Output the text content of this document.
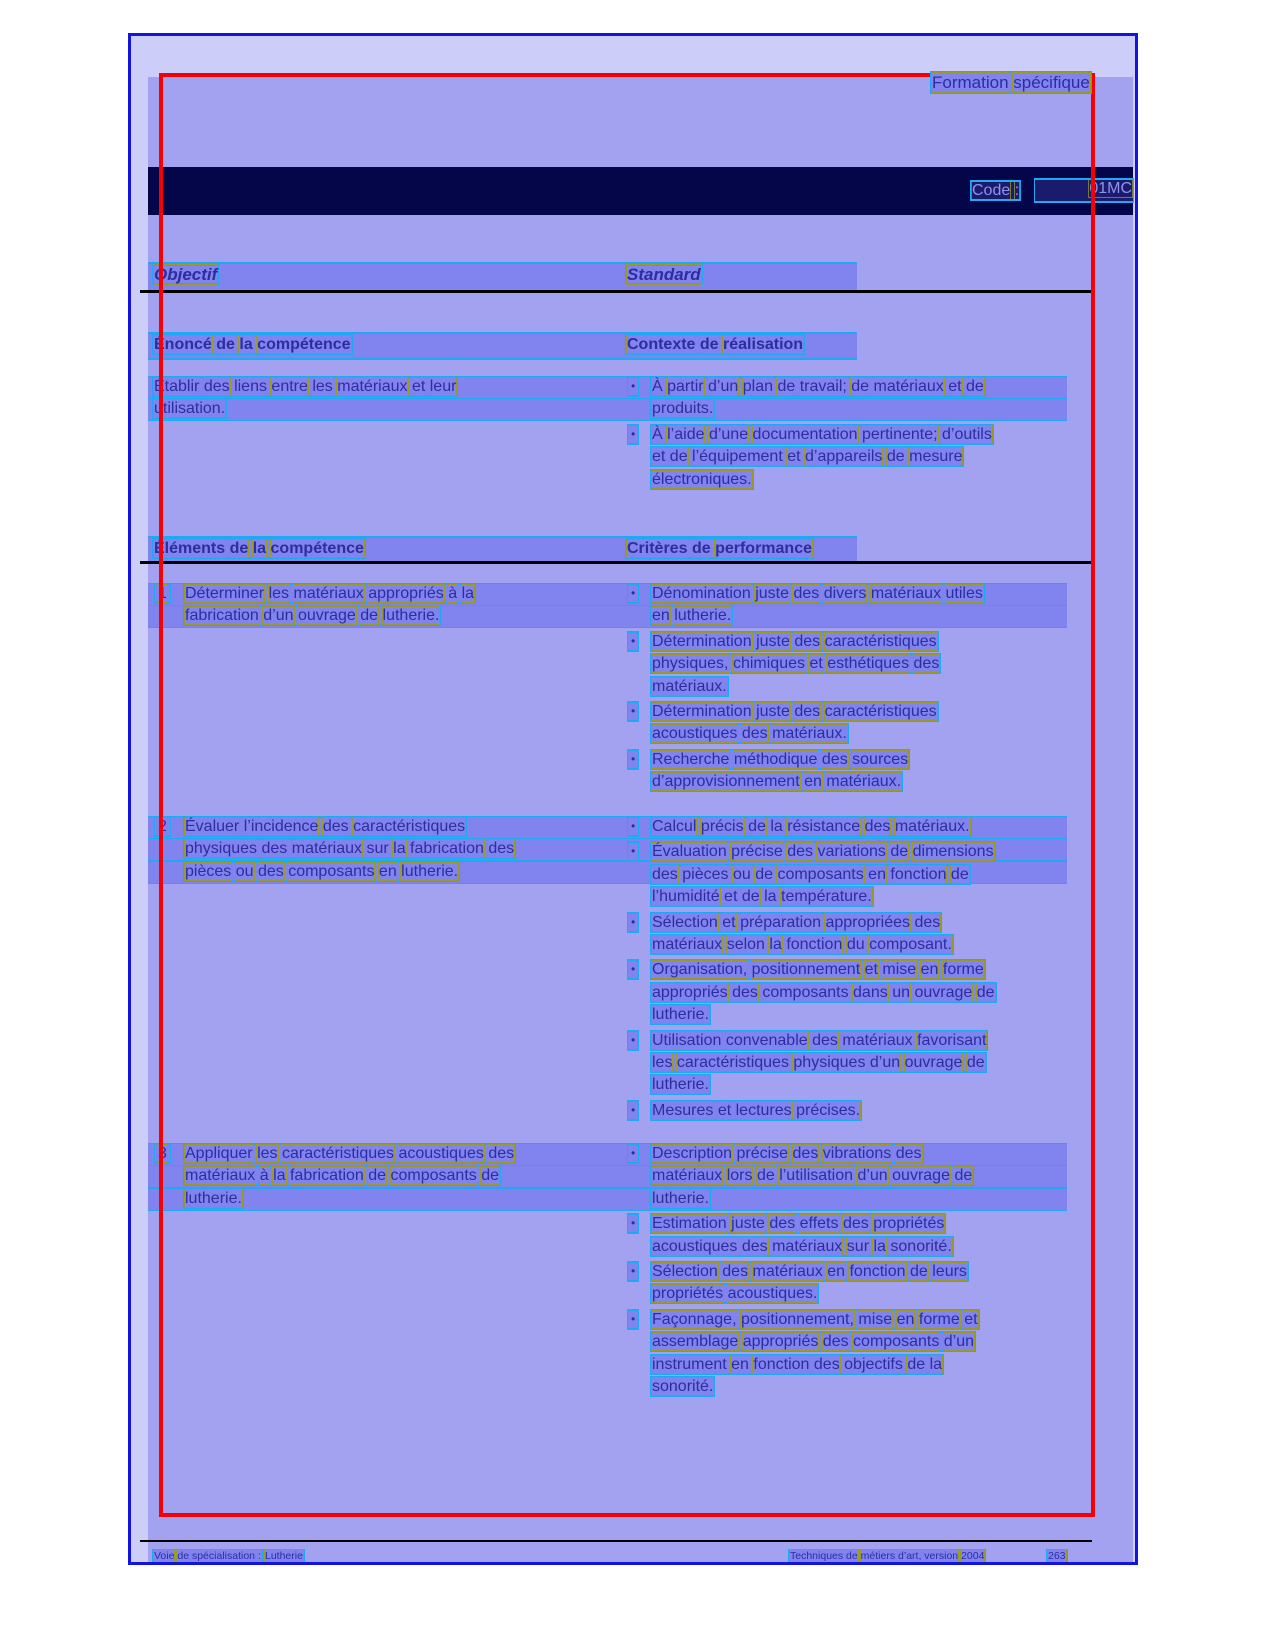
Formation spécifique
Code :	01MC
Objectif	Standard
Énoncé de la compétence	Contexte de réalisation
Établir des liens entre les matériaux et leur
utilisation.
•	À partir d’un plan de travail; de matériaux et de
produits.
•	À l’aide d’une documentation pertinente; d’outils
et de l’équipement et d’appareils de mesure
électroniques.
Éléments de la compétence	Critères de performance
1 Déterminer les matériaux appropriés à la
fabrication d’un ouvrage de lutherie.
•	Dénomination juste des divers matériaux utiles
en lutherie.
•	Détermination juste des caractéristiques
physiques, chimiques et esthétiques des
matériaux.
•	Détermination juste des caractéristiques
acoustiques des matériaux.
•	Recherche méthodique des sources
d’approvisionnement en matériaux.
2 Évaluer l’incidence des caractéristiques
physiques des matériaux sur la fabrication des
pièces ou des composants en lutherie.
•	Calcul précis de la résistance des matériaux.
•	Évaluation précise des variations de dimensions
des pièces ou de composants en fonction de
l’humidité et de la température.
•	Sélection et préparation appropriées des
matériaux selon la fonction du composant.
•	Organisation, positionnement et mise en forme
appropriés des composants dans un ouvrage de
lutherie.
•	Utilisation convenable des matériaux favorisant
les caractéristiques physiques d’un ouvrage de
lutherie.
•	Mesures et lectures précises.
3 Appliquer les caractéristiques acoustiques des
matériaux à la fabrication de composants de
lutherie.
•	Description précise des vibrations des
matériaux lors de l’utilisation d’un ouvrage de
lutherie.
•	Estimation juste des effets des propriétés
acoustiques des matériaux sur la sonorité.
•	Sélection des matériaux en fonction de leurs
propriétés acoustiques.
•	Façonnage, positionnement, mise en forme et
assemblage appropriés des composants d’un
instrument en fonction des objectifs de la
sonorité.
Voie de spécialisation : Lutherie	Techniques de métiers d’art, version 2004	263
